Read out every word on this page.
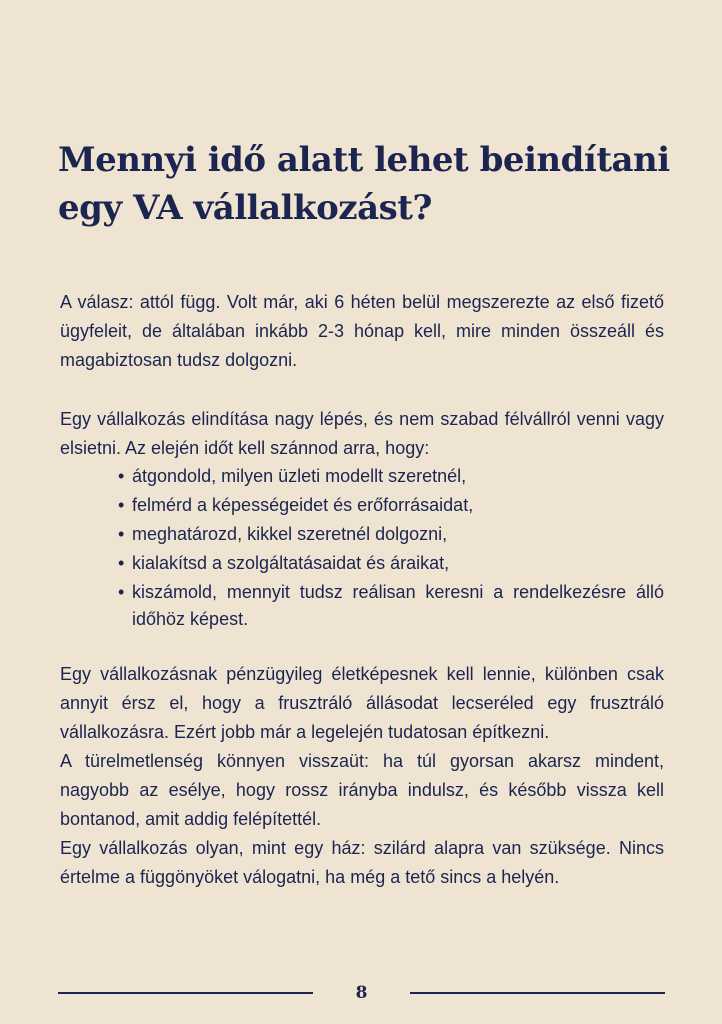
Mennyi idő alatt lehet beindítani egy VA vállalkozást?

A válasz: attól függ. Volt már, aki 6 héten belül megszerezte az első fizető ügyfeleit, de általában inkább 2-3 hónap kell, mire minden összeáll és magabiztosan tudsz dolgozni.

Egy vállalkozás elindítása nagy lépés, és nem szabad félvállról venni vagy elsietni. Az elején időt kell szánnod arra, hogy:

• átgondold, milyen üzleti modellt szeretnél,
• felmérd a képességeidet és erőforrásaidat,
• meghatározd, kikkel szeretnél dolgozni,
• kialakítsd a szolgáltatásaidat és áraikat,
• kiszámold, mennyit tudsz reálisan keresni a rendelkezésre álló időhöz képest.

Egy vállalkozásnak pénzügyileg életképesnek kell lennie, különben csak annyit érsz el, hogy a frusztráló állásodat lecseréled egy frusztráló vállalkozásra. Ezért jobb már a legelején tudatosan építkezni.

A türelmetlenség könnyen visszaüt: ha túl gyorsan akarsz mindent, nagyobb az esélye, hogy rossz irányba indulsz, és később vissza kell bontanod, amit addig felépítettél.

Egy vállalkozás olyan, mint egy ház: szilárd alapra van szüksége. Nincs értelme a függönyöket válogatni, ha még a tető sincs a helyén.

8
